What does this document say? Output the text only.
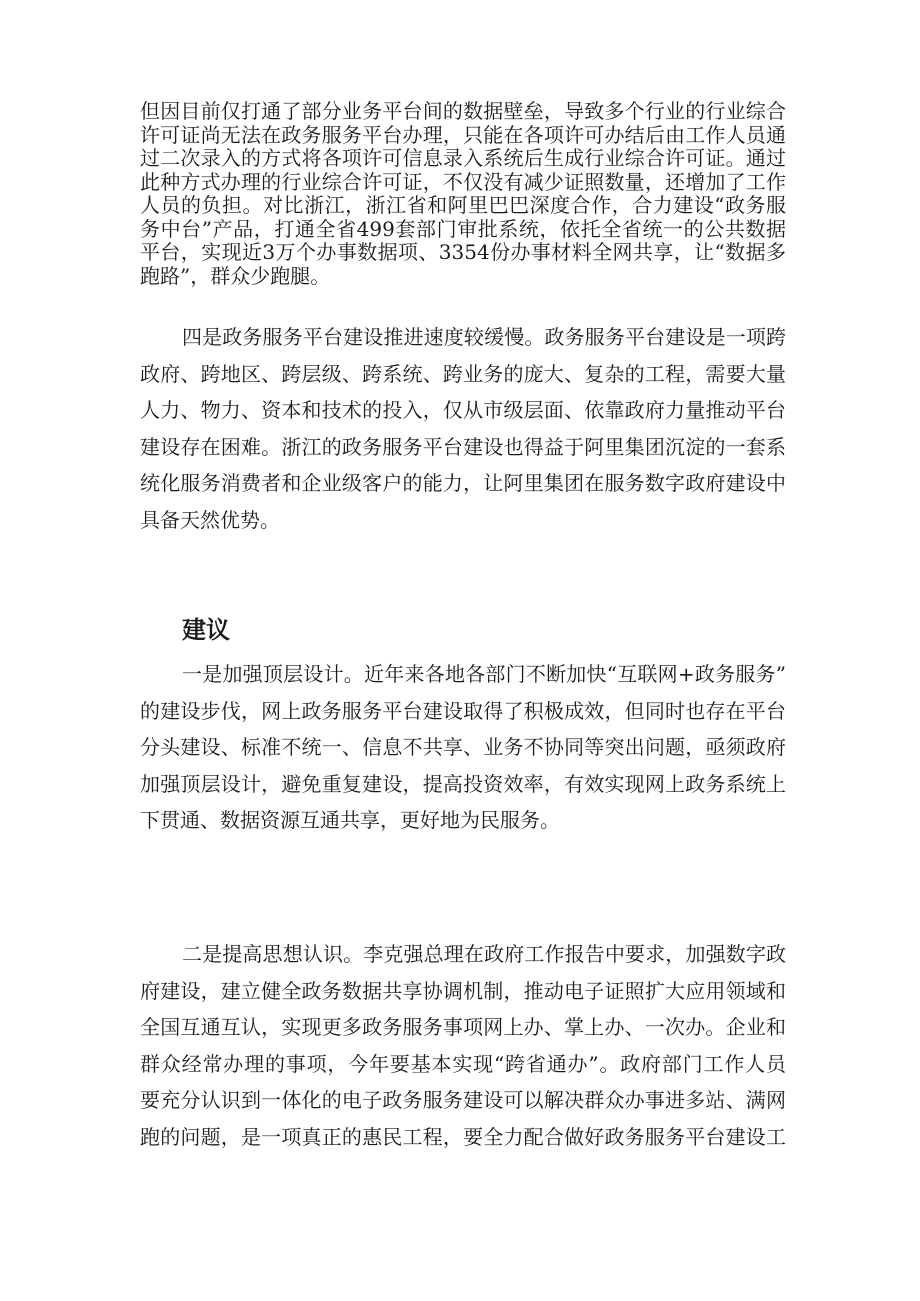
但因目前仅打通了部分业务平台间的数据壁垒，导致多个行业的行业综合
许可证尚无法在政务服务平台办理，只能在各项许可办结后由工作人员通
过二次录入的方式将各项许可信息录入系统后生成行业综合许可证。通过
此种方式办理的行业综合许可证，不仅没有减少证照数量，还增加了工作
人员的负担。对比浙江，浙江省和阿里巴巴深度合作，合力建设“政务服
务中台”产品，打通全省499套部门审批系统，依托全省统一的公共数据
平台，实现近3万个办事数据项、3354份办事材料全网共享，让“数据多
跑路”，群众少跑腿。
四是政务服务平台建设推进速度较缓慢。政务服务平台建设是一项跨
政府、跨地区、跨层级、跨系统、跨业务的庞大、复杂的工程，需要大量
人力、物力、资本和技术的投入，仅从市级层面、依靠政府力量推动平台
建设存在困难。浙江的政务服务平台建设也得益于阿里集团沉淀的一套系
统化服务消费者和企业级客户的能力，让阿里集团在服务数字政府建设中
具备天然优势。
建议
一是加强顶层设计。近年来各地各部门不断加快“互联网+政务服务”
的建设步伐，网上政务服务平台建设取得了积极成效，但同时也存在平台
分头建设、标准不统一、信息不共享、业务不协同等突出问题，亟须政府
加强顶层设计，避免重复建设，提高投资效率，有效实现网上政务系统上
下贯通、数据资源互通共享，更好地为民服务。
二是提高思想认识。李克强总理在政府工作报告中要求，加强数字政
府建设，建立健全政务数据共享协调机制，推动电子证照扩大应用领域和
全国互通互认，实现更多政务服务事项网上办、掌上办、一次办。企业和
群众经常办理的事项，今年要基本实现“跨省通办”。政府部门工作人员
要充分认识到一体化的电子政务服务建设可以解决群众办事进多站、满网
跑的问题，是一项真正的惠民工程，要全力配合做好政务服务平台建设工
